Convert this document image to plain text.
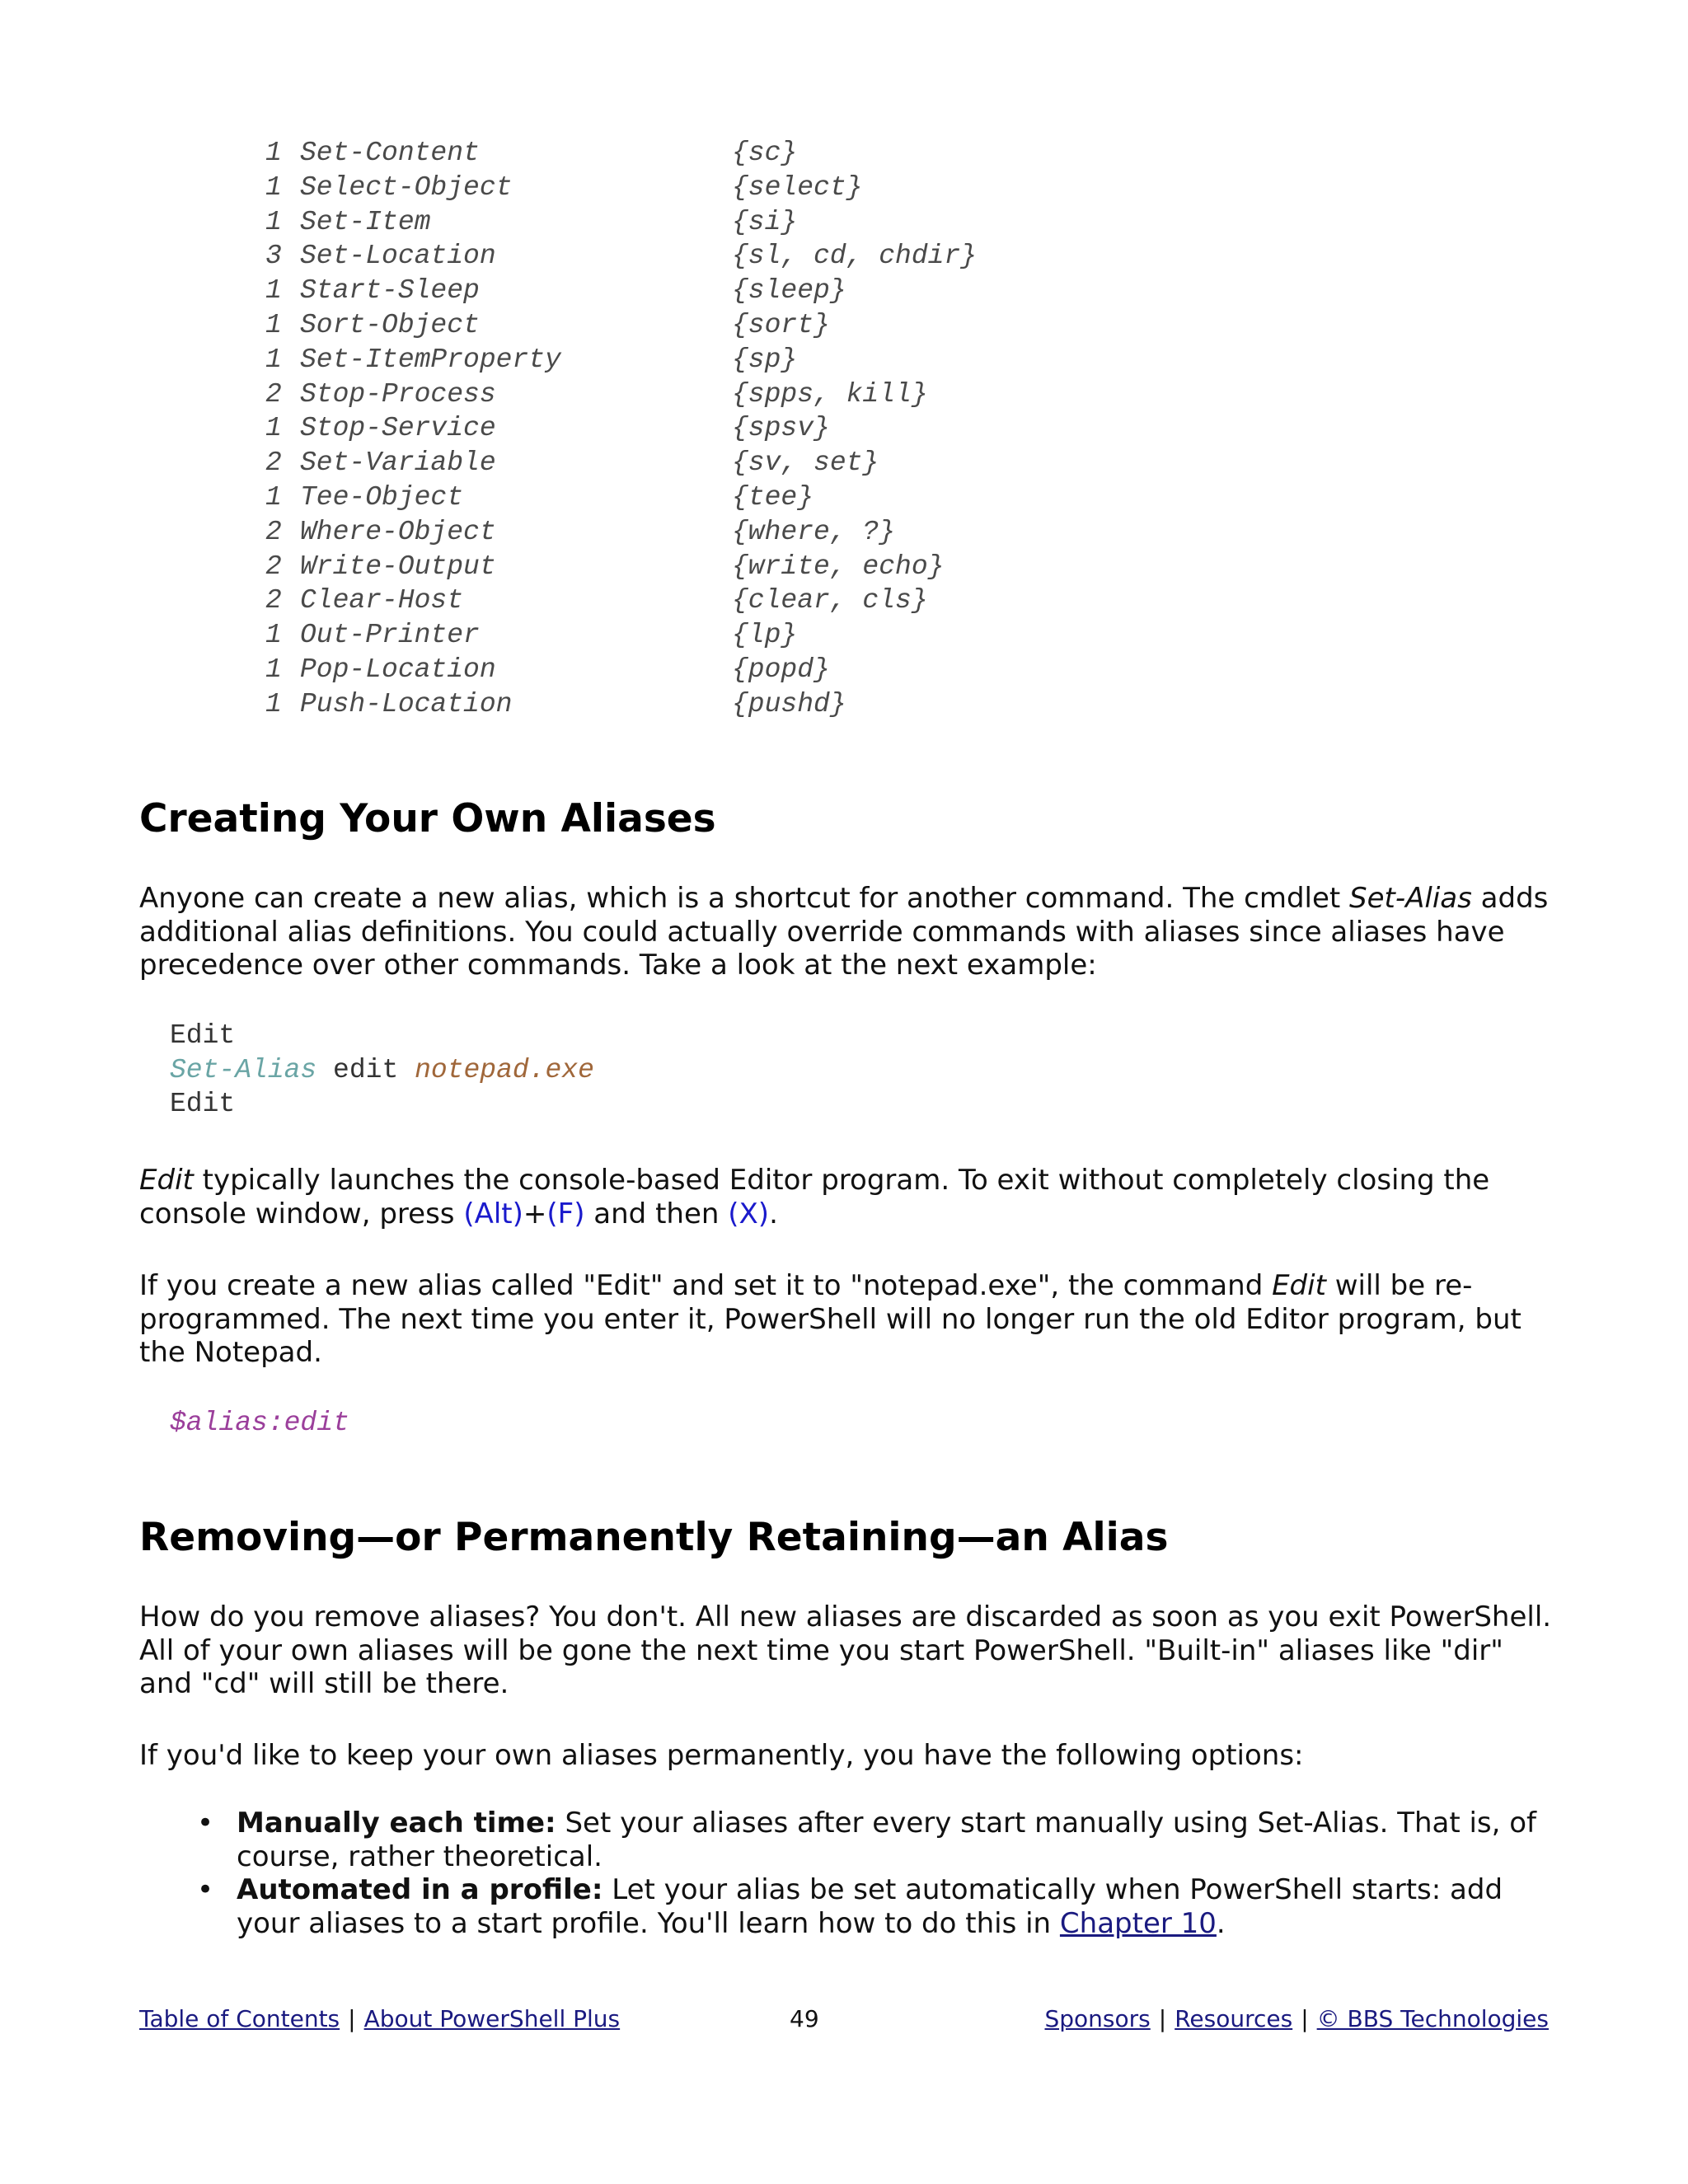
1 Set-Content	{sc}
1 Select-Object	{select}
1 Set-Item	{si}
3 Set-Location	{sl, cd, chdir}
1 Start-Sleep	{sleep}
1 Sort-Object	{sort}
1 Set-ItemProperty	{sp}
2 Stop-Process	{spps, kill}
1 Stop-Service	{spsv}
2 Set-Variable	{sv, set}
1 Tee-Object	{tee}
2 Where-Object	{where, ?}
2 Write-Output	{write, echo}
2 Clear-Host	{clear, cls}
1 Out-Printer	{lp}
1 Pop-Location	{popd}
1 Push-Location	{pushd}
Creating Your Own Aliases

Anyone can create a new alias, which is a shortcut for another command. The cmdlet Set-Alias adds additional alias definitions. You could actually override commands with aliases since aliases have precedence over other commands. Take a look at the next example:

Edit
Set-Alias edit notepad.exe
Edit

Edit typically launches the console-based Editor program. To exit without completely closing the console window, press (Alt)+(F) and then (X).

If you create a new alias called "Edit" and set it to "notepad.exe", the command Edit will be re-programmed. The next time you enter it, PowerShell will no longer run the old Editor program, but the Notepad.

$alias:edit
Removing—or Permanently Retaining—an Alias

How do you remove aliases? You don't. All new aliases are discarded as soon as you exit PowerShell. All of your own aliases will be gone the next time you start PowerShell. "Built-in" aliases like "dir" and "cd" will still be there.

If you'd like to keep your own aliases permanently, you have the following options:

• Manually each time: Set your aliases after every start manually using Set-Alias. That is, of course, rather theoretical.
• Automated in a profile: Let your alias be set automatically when PowerShell starts: add your aliases to a start profile. You'll learn how to do this in Chapter 10.
Table of Contents | About PowerShell Plus	49	Sponsors | Resources | © BBS Technologies
